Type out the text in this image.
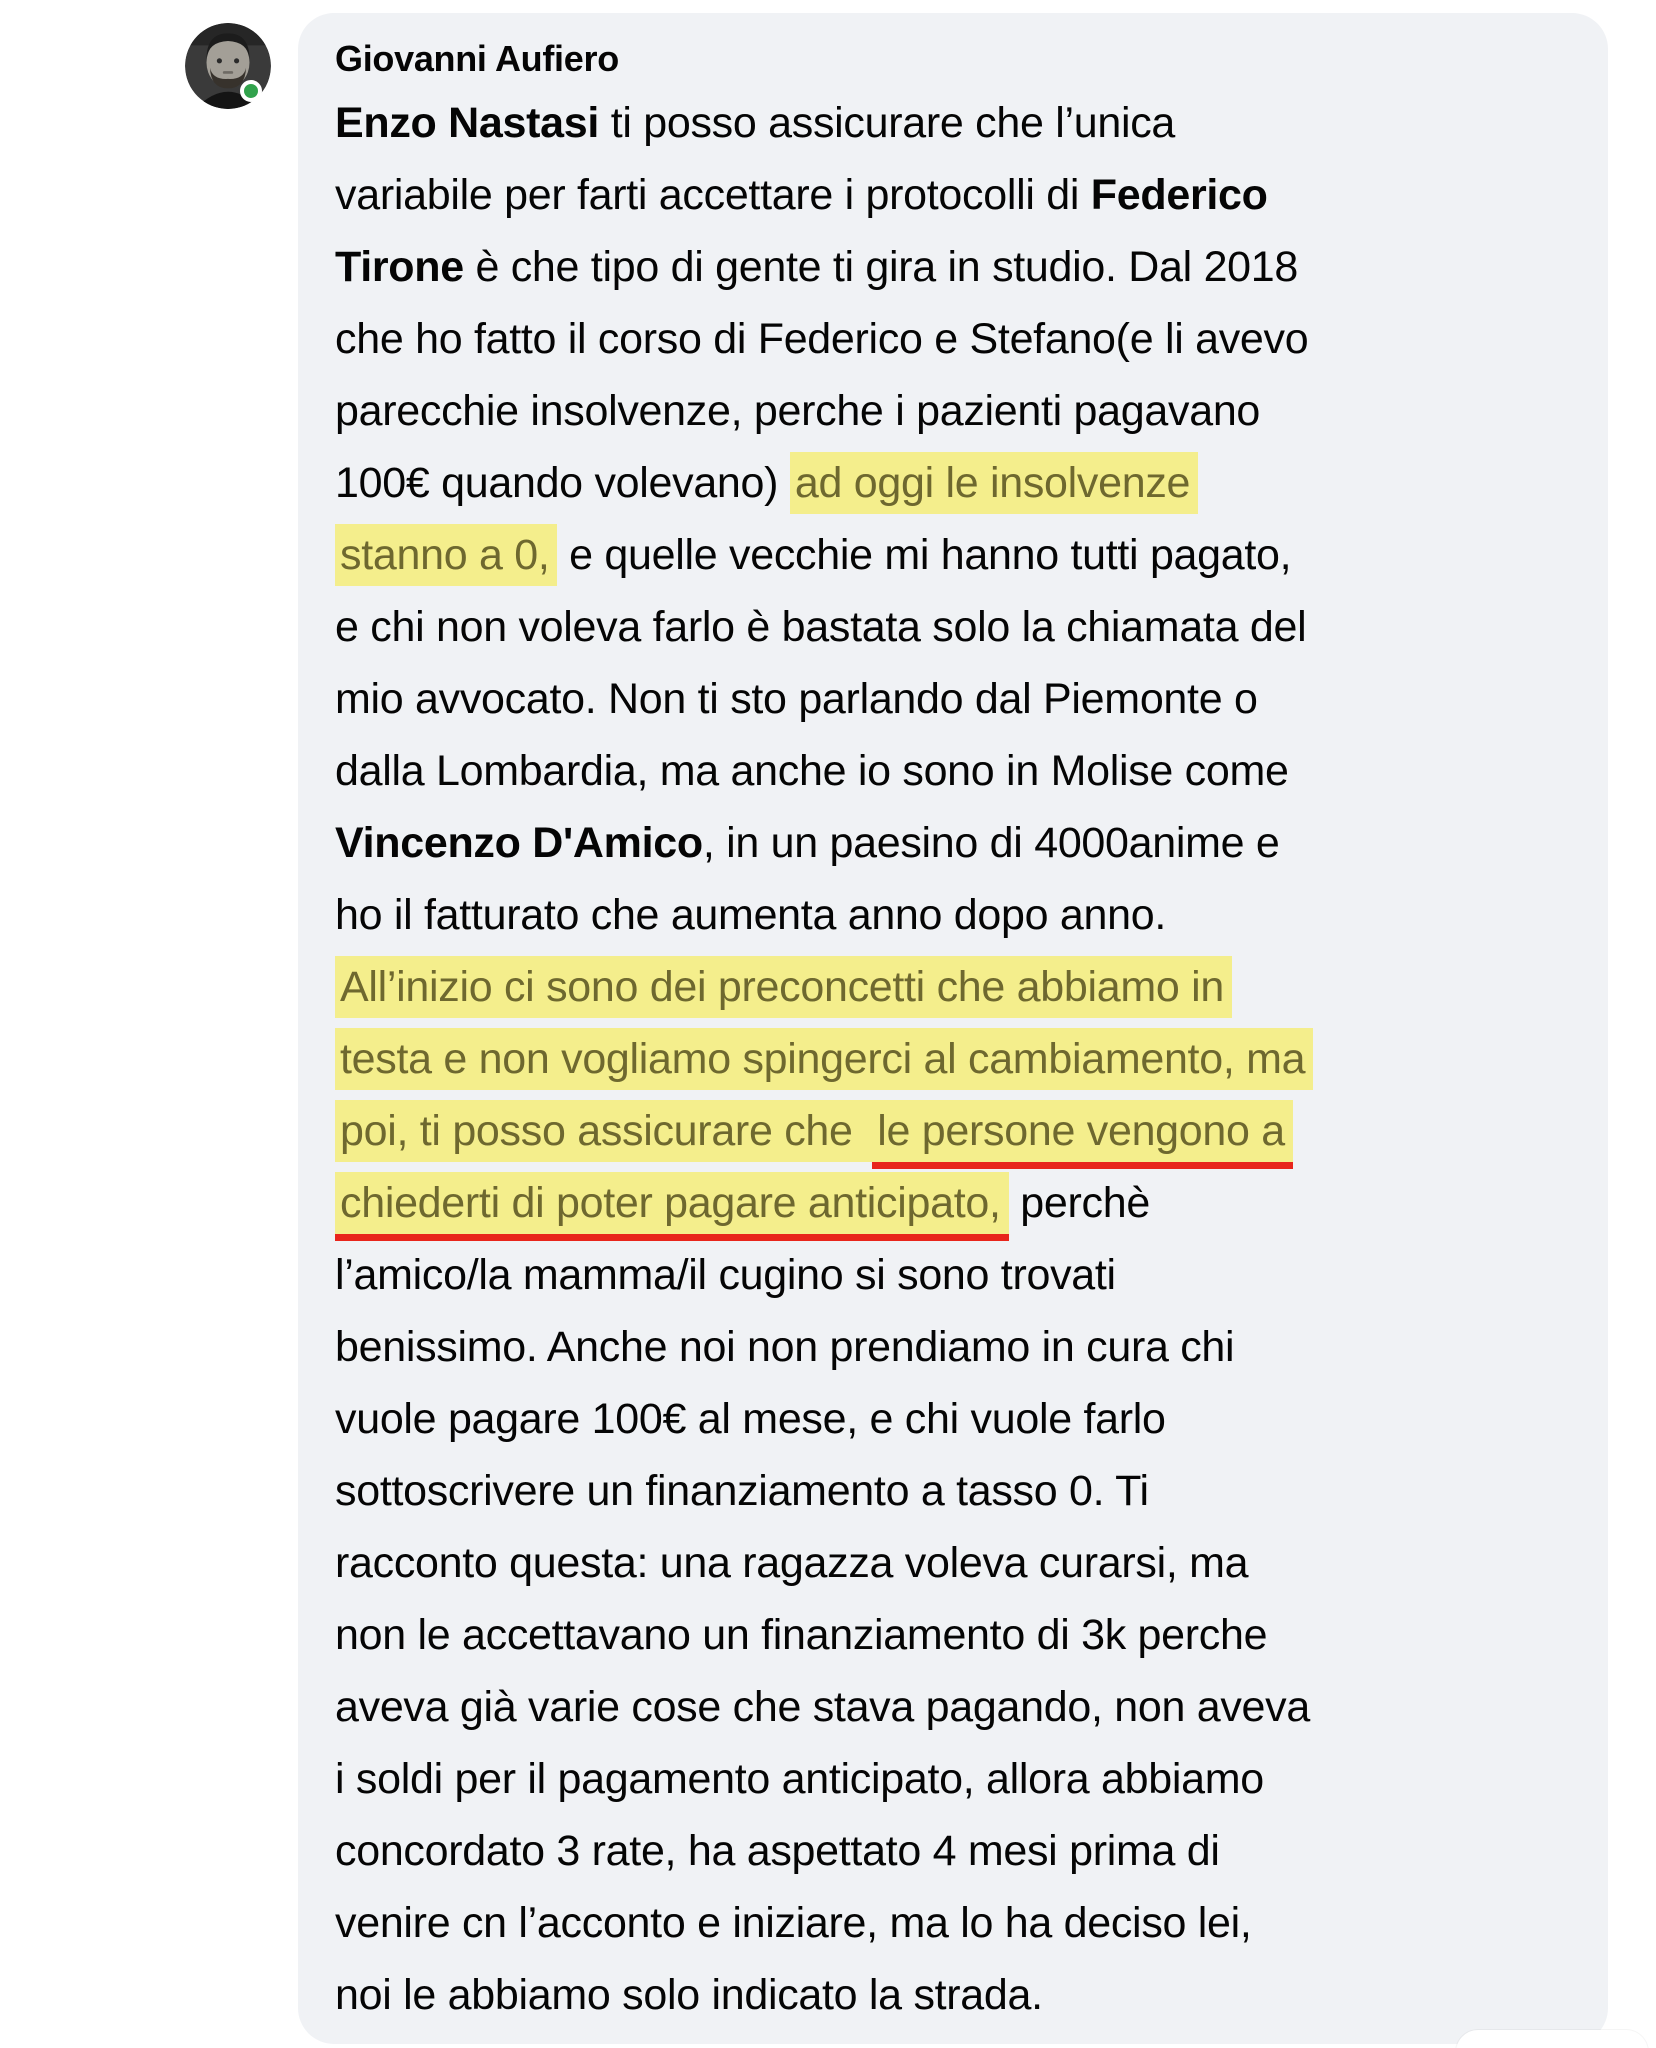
Giovanni Aufiero
Enzo Nastasi ti posso assicurare che l’unica
variabile per farti accettare i protocolli di Federico
Tirone è che tipo di gente ti gira in studio. Dal 2018
che ho fatto il corso di Federico e Stefano(e li avevo
parecchie insolvenze, perche i pazienti pagavano
100€ quando volevano) ad oggi le insolvenze
stanno a 0, e quelle vecchie mi hanno tutti pagato,
e chi non voleva farlo è bastata solo la chiamata del
mio avvocato. Non ti sto parlando dal Piemonte o
dalla Lombardia, ma anche io sono in Molise come
Vincenzo D'Amico, in un paesino di 4000anime e
ho il fatturato che aumenta anno dopo anno.
All’inizio ci sono dei preconcetti che abbiamo in
testa e non vogliamo spingerci al cambiamento, ma
poi, ti posso assicurare che le persone vengono a
chiederti di poter pagare anticipato, perchè
l’amico/la mamma/il cugino si sono trovati
benissimo. Anche noi non prendiamo in cura chi
vuole pagare 100€ al mese, e chi vuole farlo
sottoscrivere un finanziamento a tasso 0. Ti
racconto questa: una ragazza voleva curarsi, ma
non le accettavano un finanziamento di 3k perche
aveva già varie cose che stava pagando, non aveva
i soldi per il pagamento anticipato, allora abbiamo
concordato 3 rate, ha aspettato 4 mesi prima di
venire cn l’acconto e iniziare, ma lo ha deciso lei,
noi le abbiamo solo indicato la strada.
